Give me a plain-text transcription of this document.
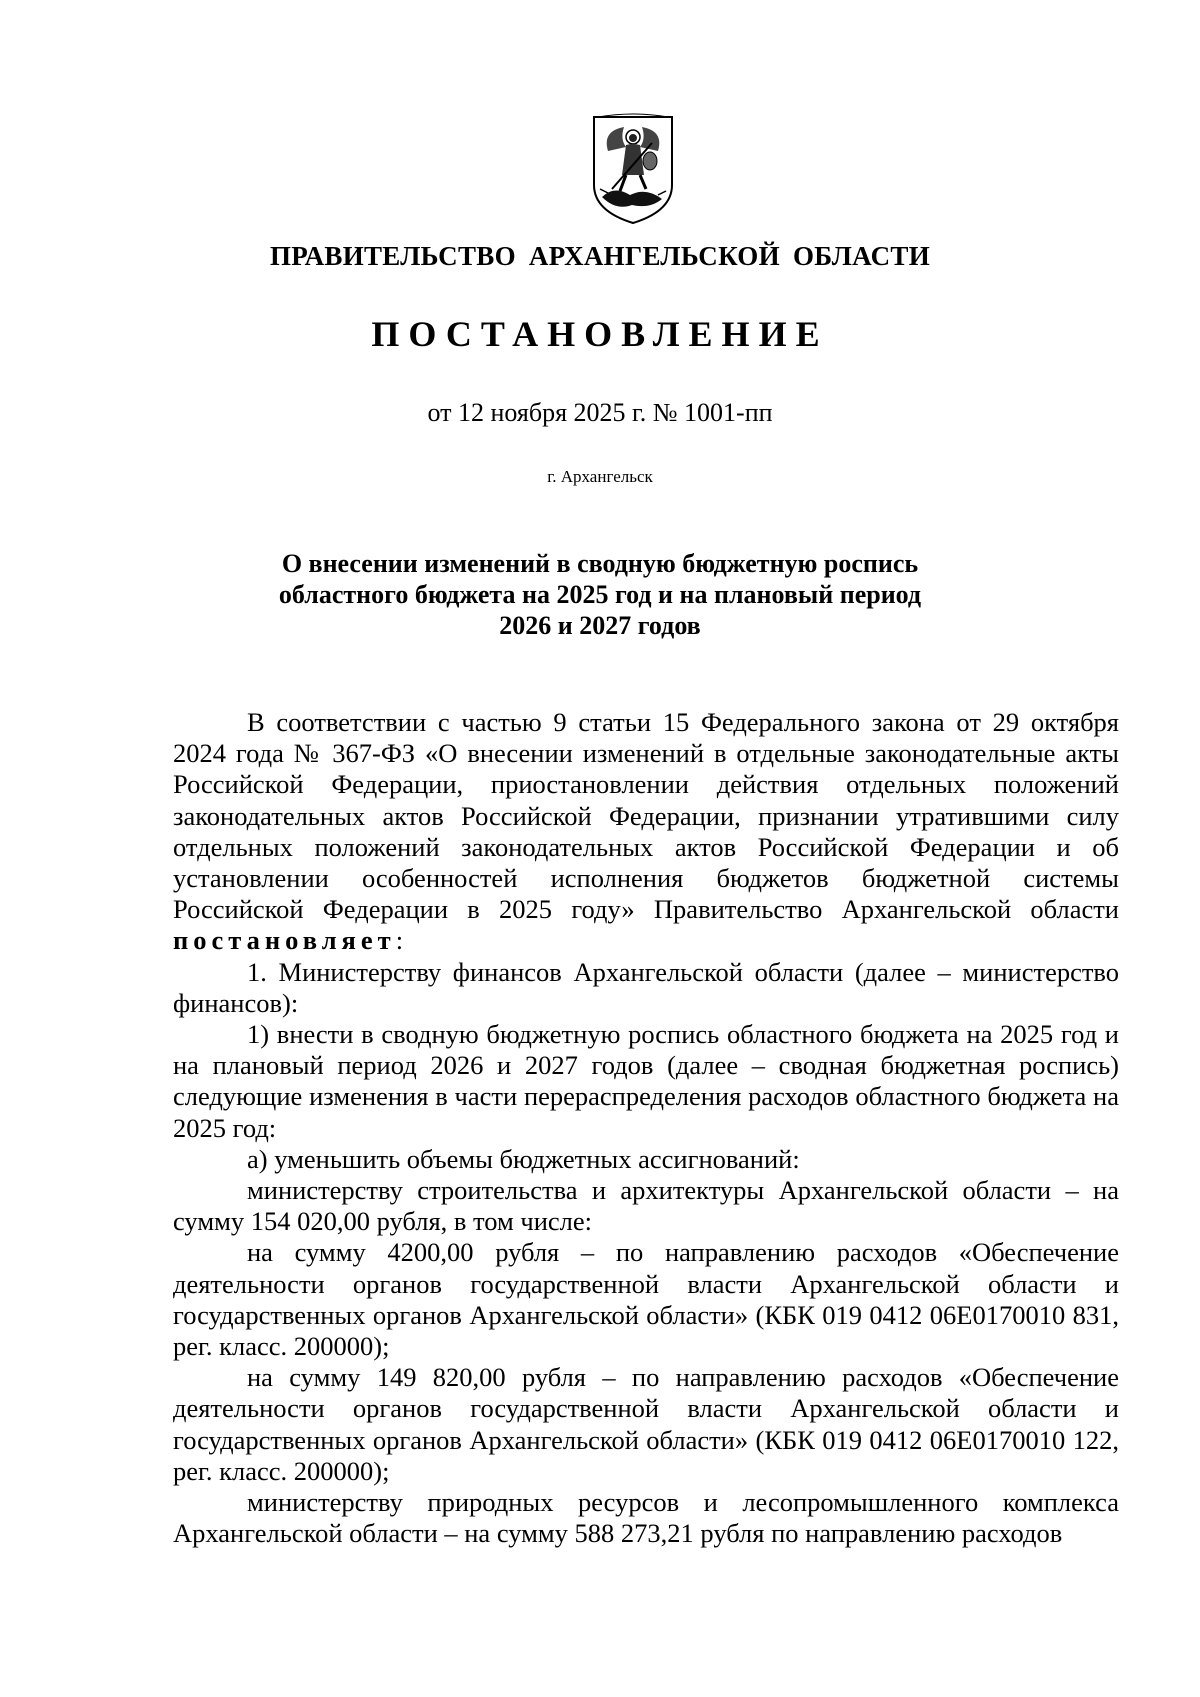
ПРАВИТЕЛЬСТВО АРХАНГЕЛЬСКОЙ ОБЛАСТИ
ПОСТАНОВЛЕНИЕ
от 12 ноября 2025 г. № 1001-пп
г. Архангельск
О внесении изменений в сводную бюджетную роспись
областного бюджета на 2025 год и на плановый период
2026 и 2027 годов

В соответствии с частью 9 статьи 15 Федерального закона от 29 октября 2024 года № 367-ФЗ «О внесении изменений в отдельные законодательные акты Российской Федерации, приостановлении действия отдельных положений законодательных актов Российской Федерации, признании утратившими силу отдельных положений законодательных актов Российской Федерации и об установлении особенностей исполнения бюджетов бюджетной системы Российской Федерации в 2025 году» Правительство Архангельской области постановляет:

1. Министерству финансов Архангельской области (далее – министерство финансов):

1) внести в сводную бюджетную роспись областного бюджета на 2025 год и на плановый период 2026 и 2027 годов (далее – сводная бюджетная роспись) следующие изменения в части перераспределения расходов областного бюджета на 2025 год:

а) уменьшить объемы бюджетных ассигнований:

министерству строительства и архитектуры Архангельской области – на сумму 154 020,00 рубля, в том числе:

на сумму 4200,00 рубля – по направлению расходов «Обеспечение деятельности органов государственной власти Архангельской области и государственных органов Архангельской области» (КБК 019 0412 06Е0170010 831, рег. класс. 200000);

на сумму 149 820,00 рубля – по направлению расходов «Обеспечение деятельности органов государственной власти Архангельской области и государственных органов Архангельской области» (КБК 019 0412 06Е0170010 122, рег. класс. 200000);

министерству природных ресурсов и лесопромышленного комплекса Архангельской области – на сумму 588 273,21 рубля по направлению расходов
